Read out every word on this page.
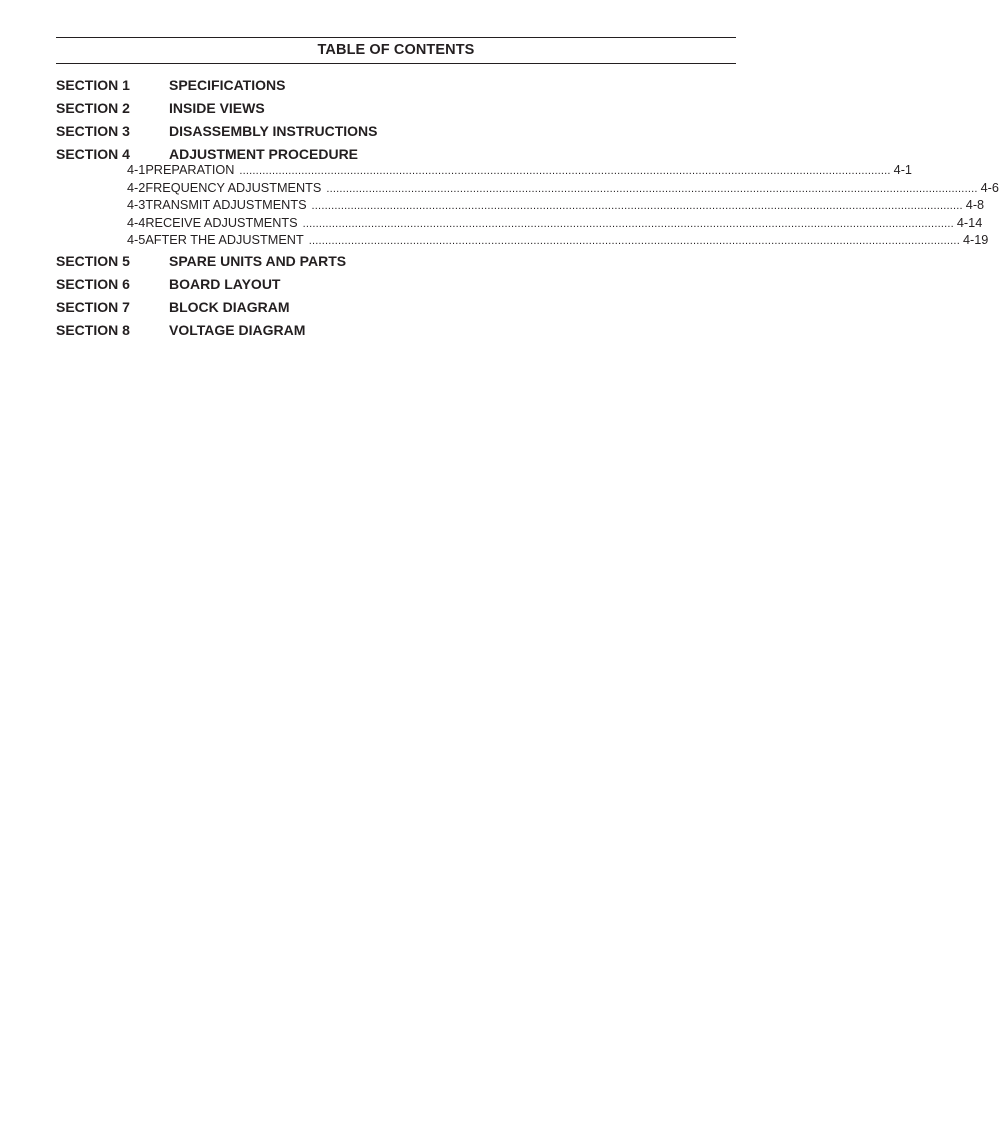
TABLE OF CONTENTS
SECTION 1	SPECIFICATIONS
SECTION 2	INSIDE VIEWS
SECTION 3	DISASSEMBLY INSTRUCTIONS
SECTION 4	ADJUSTMENT PROCEDURE
4-1 PREPARATION ........................................................................................................................................................................................................ 4-1
4-2 FREQUENCY ADJUSTMENTS ........................................................................................................................................................................................................ 4-6
4-3 TRANSMIT ADJUSTMENTS ........................................................................................................................................................................................................ 4-8
4-4 RECEIVE ADJUSTMENTS ........................................................................................................................................................................................................ 4-14
4-5 AFTER THE ADJUSTMENT ........................................................................................................................................................................................................ 4-19
SECTION 5	SPARE UNITS AND PARTS
SECTION 6	BOARD LAYOUT
SECTION 7	BLOCK DIAGRAM
SECTION 8	VOLTAGE DIAGRAM
